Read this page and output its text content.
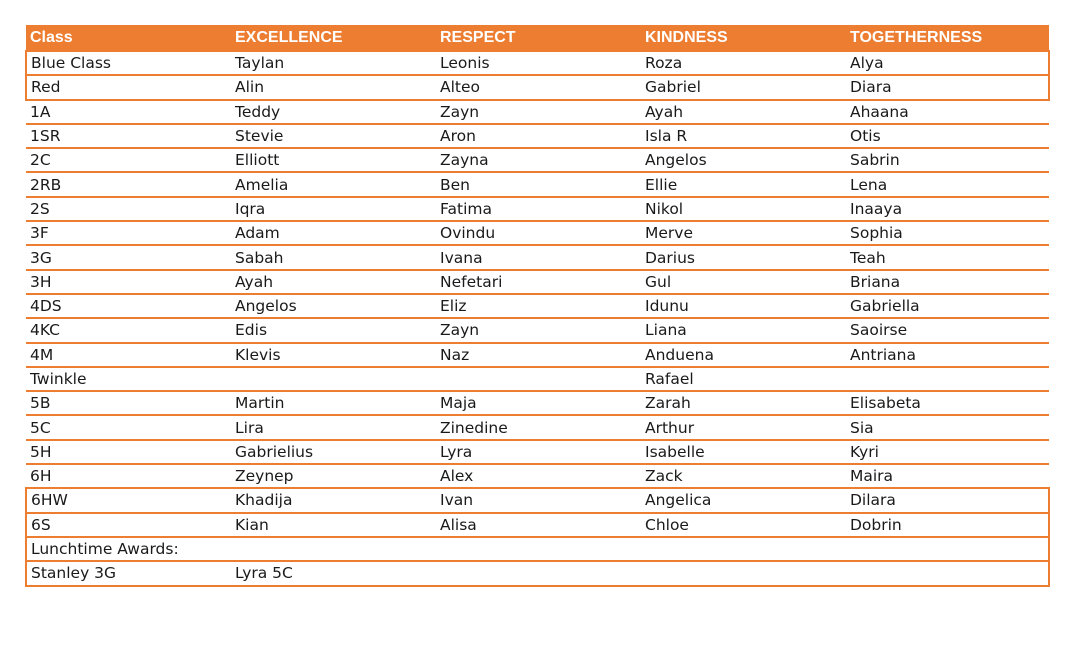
Class	EXCELLENCE	RESPECT	KINDNESS	TOGETHERNESS
Blue Class	Taylan	Leonis	Roza	Alya
Red	Alin	Alteo	Gabriel	Diara
1A	Teddy	Zayn	Ayah	Ahaana
1SR	Stevie	Aron	Isla R	Otis
2C	Elliott	Zayna	Angelos	Sabrin
2RB	Amelia	Ben	Ellie	Lena
2S	Iqra	Fatima	Nikol	Inaaya
3F	Adam	Ovindu	Merve	Sophia
3G	Sabah	Ivana	Darius	Teah
3H	Ayah	Nefetari	Gul	Briana
4DS	Angelos	Eliz	Idunu	Gabriella
4KC	Edis	Zayn	Liana	Saoirse
4M	Klevis	Naz	Anduena	Antriana
Twinkle			Rafael	
5B	Martin	Maja	Zarah	Elisabeta
5C	Lira	Zinedine	Arthur	Sia
5H	Gabrielius	Lyra	Isabelle	Kyri
6H	Zeynep	Alex	Zack	Maira
6HW	Khadija	Ivan	Angelica	Dilara
6S	Kian	Alisa	Chloe	Dobrin
Lunchtime Awards:				
Stanley 3G	Lyra 5C			
